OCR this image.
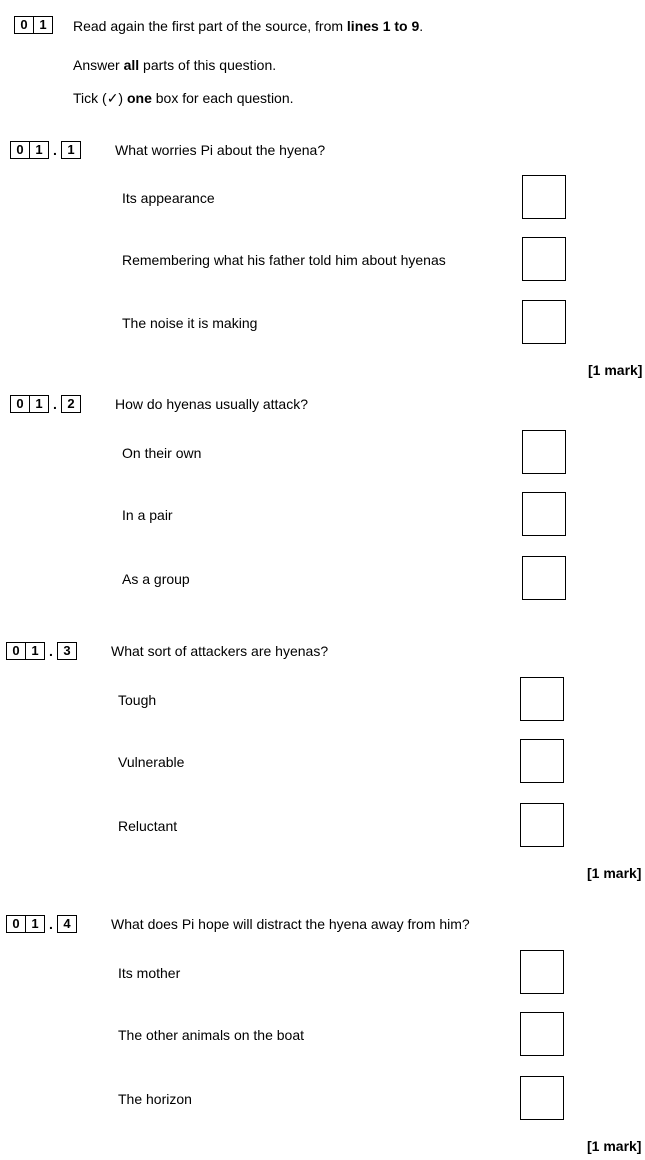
0 1	Read again the first part of the source, from lines 1 to 9.
Answer all parts of this question.
Tick (✓) one box for each question.
0 1 . 1	What worries Pi about the hyena?
Its appearance
Remembering what his father told him about hyenas
The noise it is making
[1 mark]
0 1 . 2	How do hyenas usually attack?
On their own
In a pair
As a group
0 1 . 3	What sort of attackers are hyenas?
Tough
Vulnerable
Reluctant
[1 mark]
0 1 . 4	What does Pi hope will distract the hyena away from him?
Its mother
The other animals on the boat
The horizon
[1 mark]
